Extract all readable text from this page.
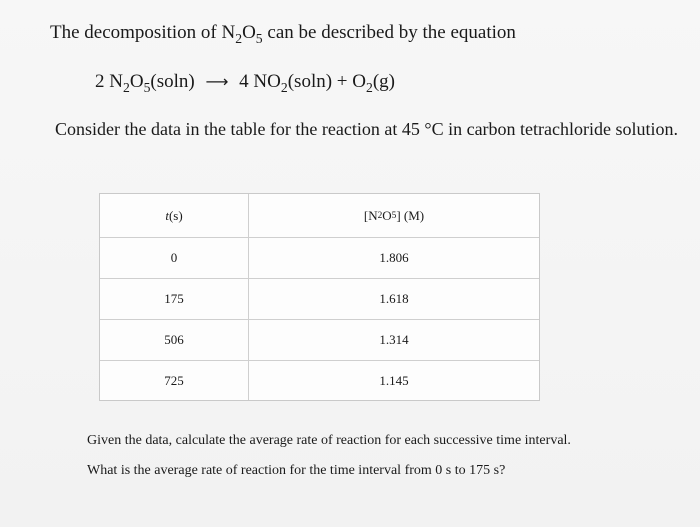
The decomposition of $N_2O_5$ can be described by the equation
2 $N_2O_5(soln)$ ⟶ 4 $NO_2(soln) + O_2(g)$
Consider the data in the table for the reaction at 45 °C in carbon tetrachloride solution.
t (s)	[N 2 O 5 ] (M)
0	1.806
175	1.618
506	1.314
725	1.145
Given the data, calculate the average rate of reaction for each successive time interval.
What is the average rate of reaction for the time interval from 0 s to 175 s?
